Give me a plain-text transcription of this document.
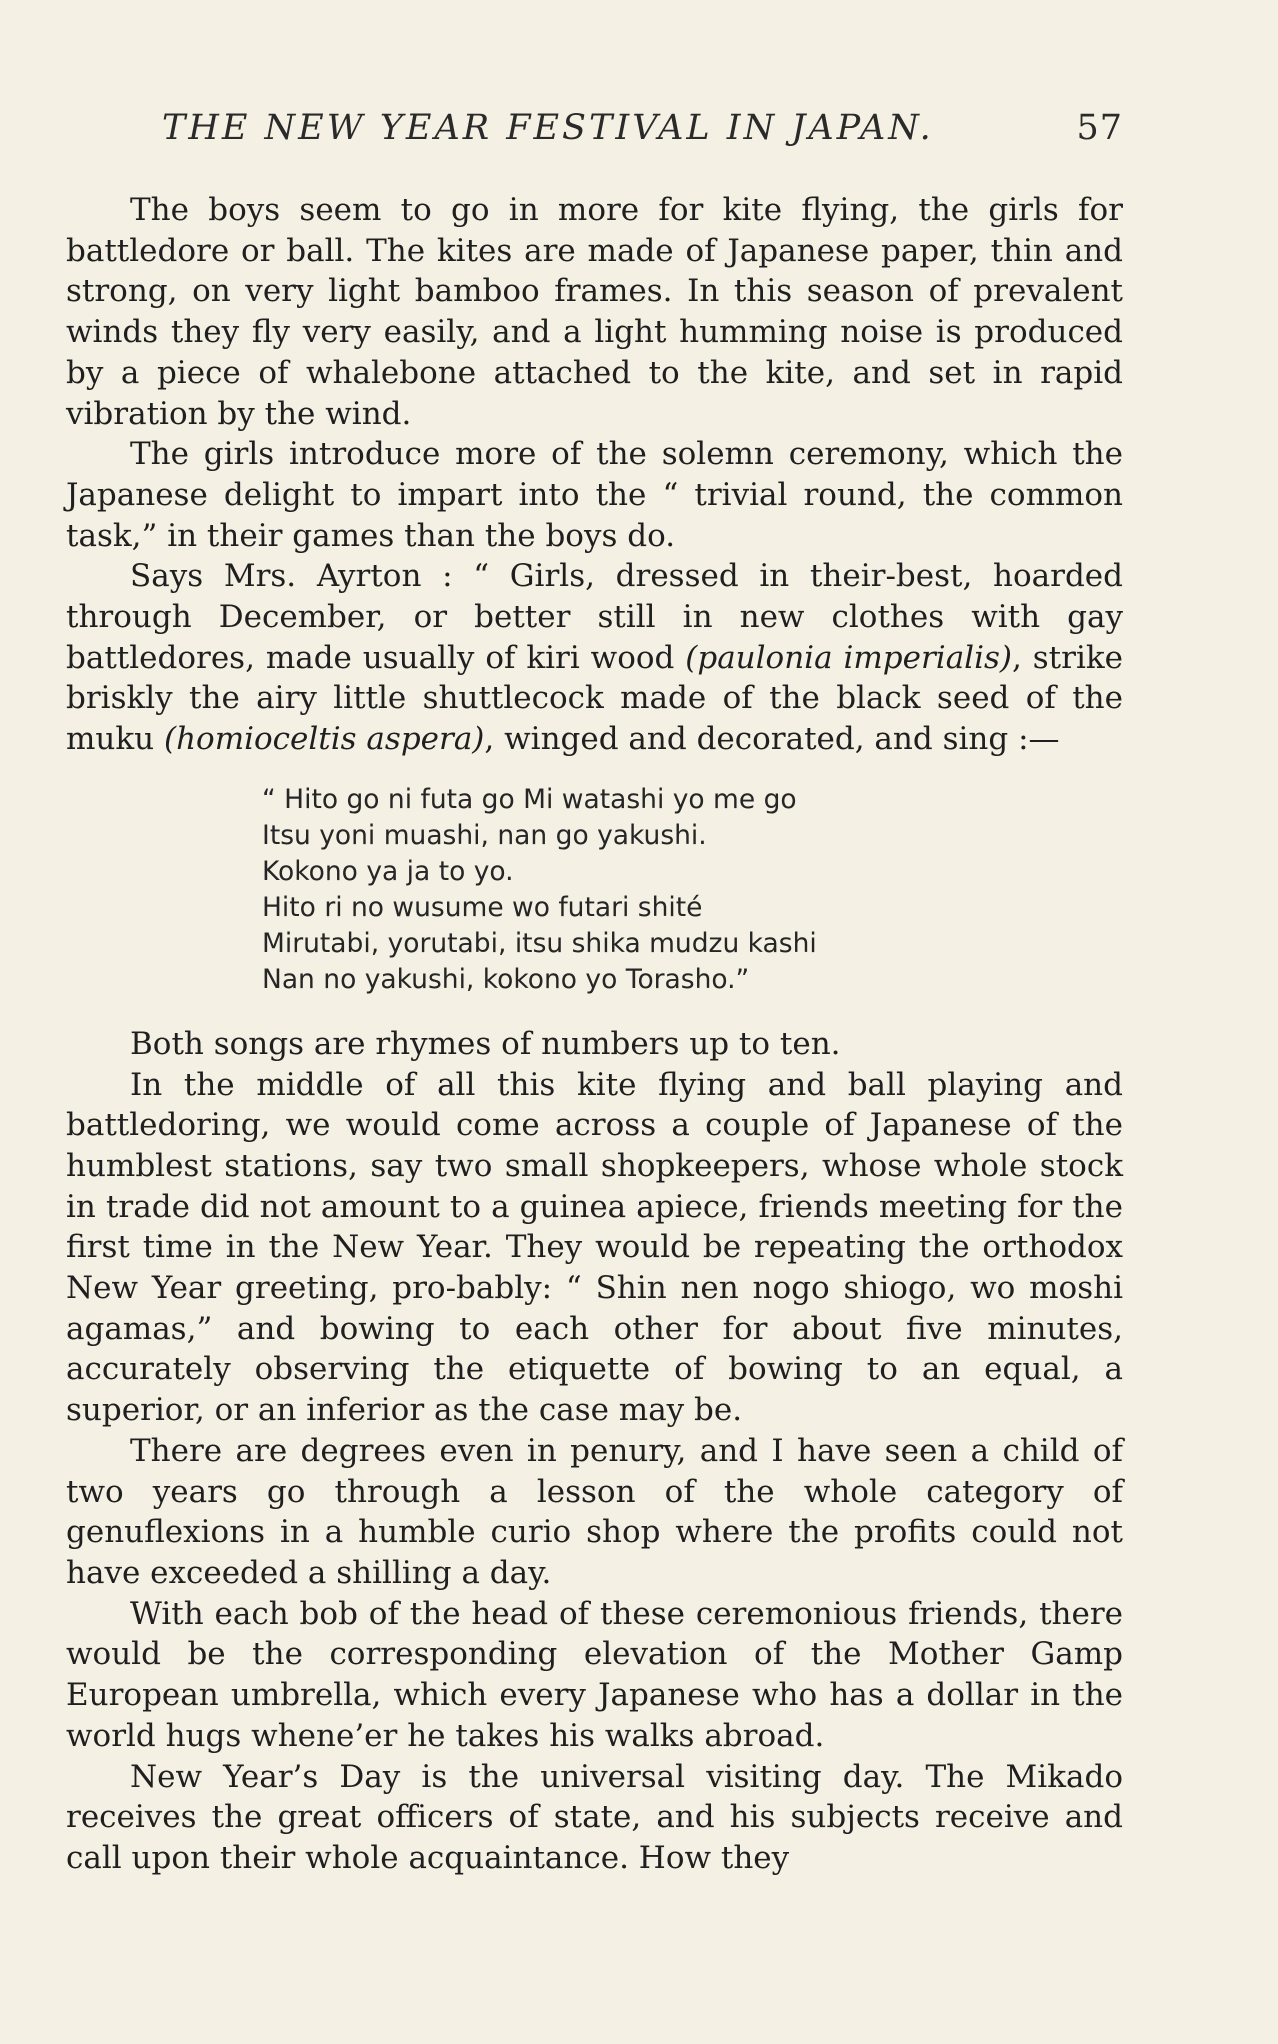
THE NEW YEAR FESTIVAL IN JAPAN.	57

The boys seem to go in more for kite flying, the girls for battledore or ball. The kites are made of Japanese paper, thin and strong, on very light bamboo frames. In this season of prevalent winds they fly very easily, and a light humming noise is produced by a piece of whalebone attached to the kite, and set in rapid vibration by the wind.

The girls introduce more of the solemn ceremony, which the Japanese delight to impart into the “ trivial round, the common task,” in their games than the boys do.

Says Mrs. Ayrton : “ Girls, dressed in their-best, hoarded through December, or better still in new clothes with gay battledores, made usually of kiri wood (paulonia imperialis), strike briskly the airy little shuttlecock made of the black seed of the muku (homioceltis aspera), winged and decorated, and sing :—

“ Hito go ni futa go Mi watashi yo me go
Itsu yoni muashi, nan go yakushi.
Kokono ya ja to yo.
Hito ri no wusume wo futari shité
Mirutabi, yorutabi, itsu shika mudzu kashi
Nan no yakushi, kokono yo Torasho.”

Both songs are rhymes of numbers up to ten.

In the middle of all this kite flying and ball playing and battledoring, we would come across a couple of Japanese of the humblest stations, say two small shopkeepers, whose whole stock in trade did not amount to a guinea apiece, friends meeting for the first time in the New Year. They would be repeating the orthodox New Year greeting, pro-bably: “ Shin nen nogo shiogo, wo moshi agamas,” and bowing to each other for about five minutes, accurately observing the etiquette of bowing to an equal, a superior, or an inferior as the case may be.

There are degrees even in penury, and I have seen a child of two years go through a lesson of the whole category of genuflexions in a humble curio shop where the profits could not have exceeded a shilling a day.

With each bob of the head of these ceremonious friends, there would be the corresponding elevation of the Mother Gamp European umbrella, which every Japanese who has a dollar in the world hugs whene’er he takes his walks abroad.

New Year’s Day is the universal visiting day. The Mikado receives the great officers of state, and his subjects receive and call upon their whole acquaintance. How they
